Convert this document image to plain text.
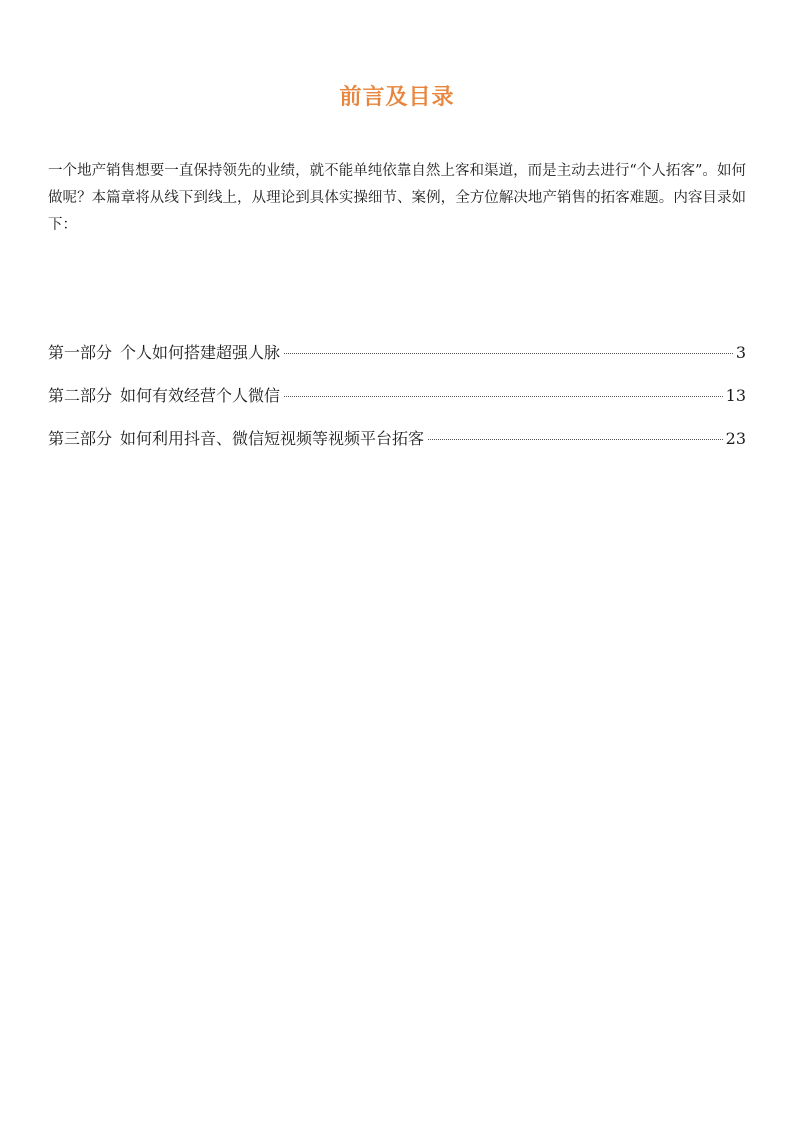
前言及目录

一个地产销售想要一直保持领先的业绩，就不能单纯依靠自然上客和渠道，而是主动去进行“个人拓客”。如何做呢？本篇章将从线下到线上，从理论到具体实操细节、案例，全方位解决地产销售的拓客难题。内容目录如下：

第一部分 个人如何搭建超强人脉	3
第二部分 如何有效经营个人微信	13
第三部分 如何利用抖音、微信短视频等视频平台拓客	23
